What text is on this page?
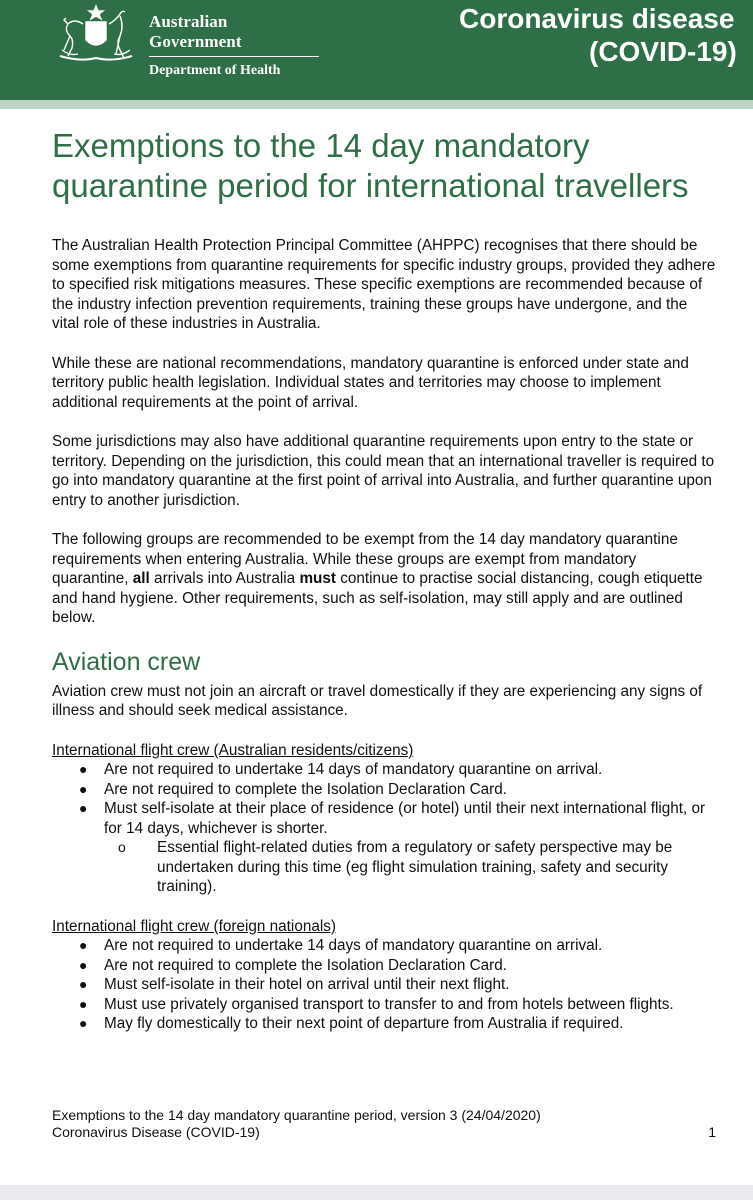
Australian Government
Department of Health
Coronavirus disease
(COVID-19)
Exemptions to the 14 day mandatory quarantine period for international travellers

The Australian Health Protection Principal Committee (AHPPC) recognises that there should be some exemptions from quarantine requirements for specific industry groups, provided they adhere to specified risk mitigations measures. These specific exemptions are recommended because of the industry infection prevention requirements, training these groups have undergone, and the vital role of these industries in Australia.

While these are national recommendations, mandatory quarantine is enforced under state and territory public health legislation. Individual states and territories may choose to implement additional requirements at the point of arrival.

Some jurisdictions may also have additional quarantine requirements upon entry to the state or territory. Depending on the jurisdiction, this could mean that an international traveller is required to go into mandatory quarantine at the first point of arrival into Australia, and further quarantine upon entry to another jurisdiction.

The following groups are recommended to be exempt from the 14 day mandatory quarantine requirements when entering Australia. While these groups are exempt from mandatory quarantine, all arrivals into Australia must continue to practise social distancing, cough etiquette and hand hygiene. Other requirements, such as self-isolation, may still apply and are outlined below.

Aviation crew

Aviation crew must not join an aircraft or travel domestically if they are experiencing any signs of illness and should seek medical assistance.

International flight crew (Australian residents/citizens)
● Are not required to undertake 14 days of mandatory quarantine on arrival.
● Are not required to complete the Isolation Declaration Card.
● Must self-isolate at their place of residence (or hotel) until their next international flight, or for 14 days, whichever is shorter.
o Essential flight-related duties from a regulatory or safety perspective may be undertaken during this time (eg flight simulation training, safety and security training).
International flight crew (foreign nationals)
● Are not required to undertake 14 days of mandatory quarantine on arrival.
● Are not required to complete the Isolation Declaration Card.
● Must self-isolate in their hotel on arrival until their next flight.
● Must use privately organised transport to transfer to and from hotels between flights.
● May fly domestically to their next point of departure from Australia if required.
Exemptions to the 14 day mandatory quarantine period, version 3 (24/04/2020)
Coronavirus Disease (COVID-19)	1
